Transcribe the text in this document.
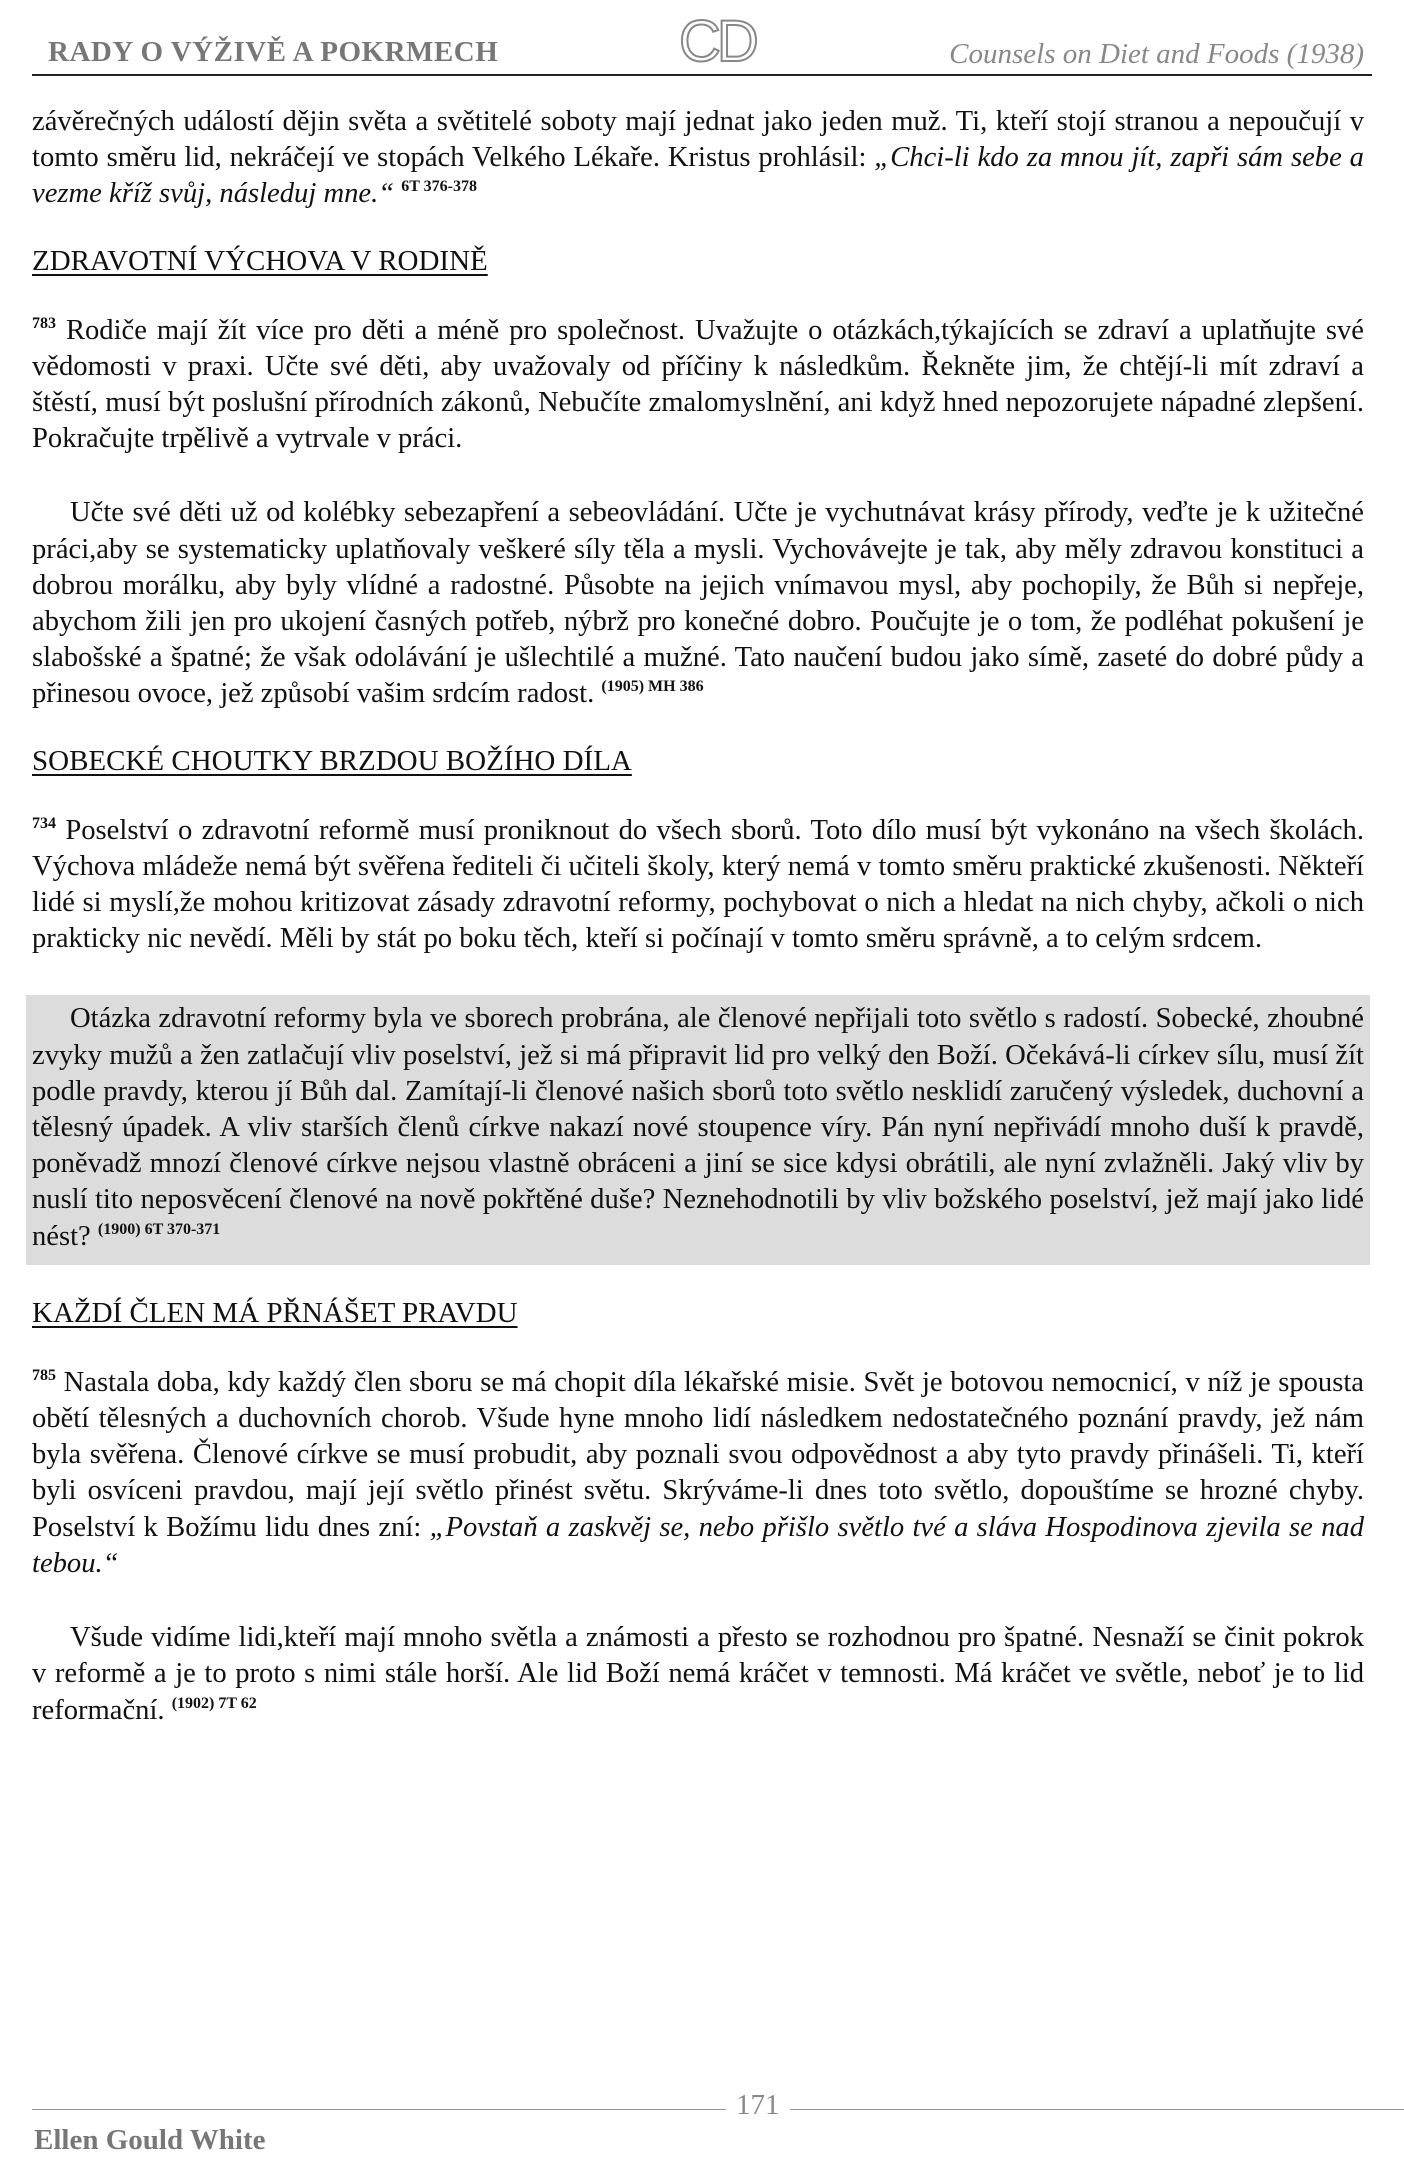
RADY O VÝŽIVĚ A POKRMECH	CD	Counsels on Diet and Foods (1938)

závěrečných událostí dějin světa a světitelé soboty mají jednat jako jeden muž. Ti, kteří stojí stranou a nepoučují v tomto směru lid, nekráčejí ve stopách Velkého Lékaře. Kristus prohlásil: „Chci-li kdo za mnou jít, zapři sám sebe a vezme kříž svůj, následuj mne.“ $^{6T 376-378}$

ZDRAVOTNÍ VÝCHOVA V RODINĚ

$^{783}$ Rodiče mají žít více pro děti a méně pro společnost. Uvažujte o otázkách,týkajících se zdraví a uplatňujte své vědomosti v praxi. Učte své děti, aby uvažovaly od příčiny k následkům. Řekněte jim, že chtějí-li mít zdraví a štěstí, musí být poslušní přírodních zákonů, Nebučíte zmalomyslnění, ani když hned nepozorujete nápadné zlepšení. Pokračujte trpělivě a vytrvale v práci.

Učte své děti už od kolébky sebezapření a sebeovládání. Učte je vychutnávat krásy přírody, veďte je k užitečné práci,aby se systematicky uplatňovaly veškeré síly těla a mysli. Vychovávejte je tak, aby měly zdravou konstituci a dobrou morálku, aby byly vlídné a radostné. Působte na jejich vnímavou mysl, aby pochopily, že Bůh si nepřeje, abychom žili jen pro ukojení časných potřeb, nýbrž pro konečné dobro. Poučujte je o tom, že podléhat pokušení je slabošské a špatné; že však odolávání je ušlechtilé a mužné. Tato naučení budou jako símě, zaseté do dobré půdy a přinesou ovoce, jež způsobí vašim srdcím radost. $^{(1905) MH 386}$

SOBECKÉ CHOUTKY BRZDOU BOŽÍHO DÍLA

$^{734}$ Poselství o zdravotní reformě musí proniknout do všech sborů. Toto dílo musí být vykonáno na všech školách. Výchova mládeže nemá být svěřena řediteli či učiteli školy, který nemá v tomto směru praktické zkušenosti. Někteří lidé si myslí,že mohou kritizovat zásady zdravotní reformy, pochybovat o nich a hledat na nich chyby, ačkoli o nich prakticky nic nevědí. Měli by stát po boku těch, kteří si počínají v tomto směru správně, a to celým srdcem.

Otázka zdravotní reformy byla ve sborech probrána, ale členové nepřijali toto světlo s radostí. Sobecké, zhoubné zvyky mužů a žen zatlačují vliv poselství, jež si má připravit lid pro velký den Boží. Očekává-li církev sílu, musí žít podle pravdy, kterou jí Bůh dal. Zamítají-li členové našich sborů toto světlo nesklidí zaručený výsledek, duchovní a tělesný úpadek. A vliv starších členů církve nakazí nové stoupence víry. Pán nyní nepřivádí mnoho duší k pravdě, poněvadž mnozí členové církve nejsou vlastně obráceni a jiní se sice kdysi obrátili, ale nyní zvlažněli. Jaký vliv by nuslí tito neposvěcení členové na nově pokřtěné duše? Neznehodnotili by vliv božského poselství, jež mají jako lidé nést? $^{(1900) 6T 370-371}$

KAŽDÍ ČLEN MÁ PŘNÁŠET PRAVDU

$^{785}$ Nastala doba, kdy každý člen sboru se má chopit díla lékařské misie. Svět je botovou nemocnicí, v níž je spousta obětí tělesných a duchovních chorob. Všude hyne mnoho lidí následkem nedostatečného poznání pravdy, jež nám byla svěřena. Členové církve se musí probudit, aby poznali svou odpovědnost a aby tyto pravdy přinášeli. Ti, kteří byli osvíceni pravdou, mají její světlo přinést světu. Skrýváme-li dnes toto světlo, dopouštíme se hrozné chyby. Poselství k Božímu lidu dnes zní: „Povstaň a zaskvěj se, nebo přišlo světlo tvé a sláva Hospodinova zjevila se nad tebou.“

Všude vidíme lidi,kteří mají mnoho světla a známosti a přesto se rozhodnou pro špatné. Nesnaží se činit pokrok v reformě a je to proto s nimi stále horší. Ale lid Boží nemá kráčet v temnosti. Má kráčet ve světle, neboť je to lid reformační. $^{(1902) 7T 62}$

171
Ellen Gould White
